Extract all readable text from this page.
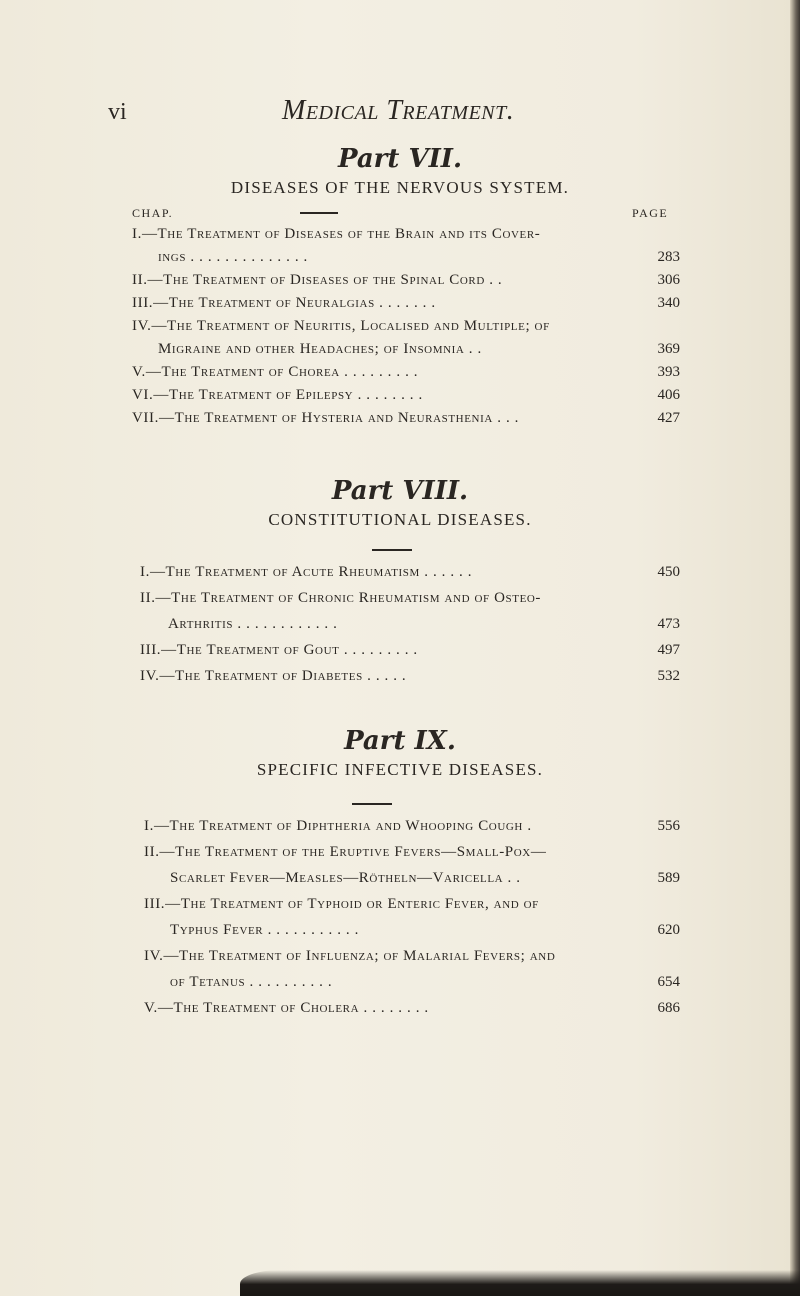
vi	Medical Treatment.
Part VII.
DISEASES OF THE NERVOUS SYSTEM.
CHAP.	PAGE
I.—The Treatment of Diseases of the Brain and its Cover-
ings . . . . . . . . . . . . . .	283
II.—The Treatment of Diseases of the Spinal Cord . .	306
III.—The Treatment of Neuralgias . . . . . . .	340
IV.—The Treatment of Neuritis, Localised and Multiple; of
Migraine and other Headaches; of Insomnia . .	369
V.—The Treatment of Chorea . . . . . . . . .	393
VI.—The Treatment of Epilepsy . . . . . . . .	406
VII.—The Treatment of Hysteria and Neurasthenia . . .	427
Part VIII.
CONSTITUTIONAL DISEASES.
I.—The Treatment of Acute Rheumatism . . . . . .	450
II.—The Treatment of Chronic Rheumatism and of Osteo-
Arthritis . . . . . . . . . . . .	473
III.—The Treatment of Gout . . . . . . . . .	497
IV.—The Treatment of Diabetes . . . . .	532
Part IX.
SPECIFIC INFECTIVE DISEASES.
I.—The Treatment of Diphtheria and Whooping Cough .	556
II.—The Treatment of the Eruptive Fevers—Small-Pox—
Scarlet Fever—Measles—Rötheln—Varicella . .	589
III.—The Treatment of Typhoid or Enteric Fever, and of
Typhus Fever . . . . . . . . . . .	620
IV.—The Treatment of Influenza; of Malarial Fevers; and
of Tetanus . . . . . . . . . .	654
V.—The Treatment of Cholera . . . . . . . .	686
